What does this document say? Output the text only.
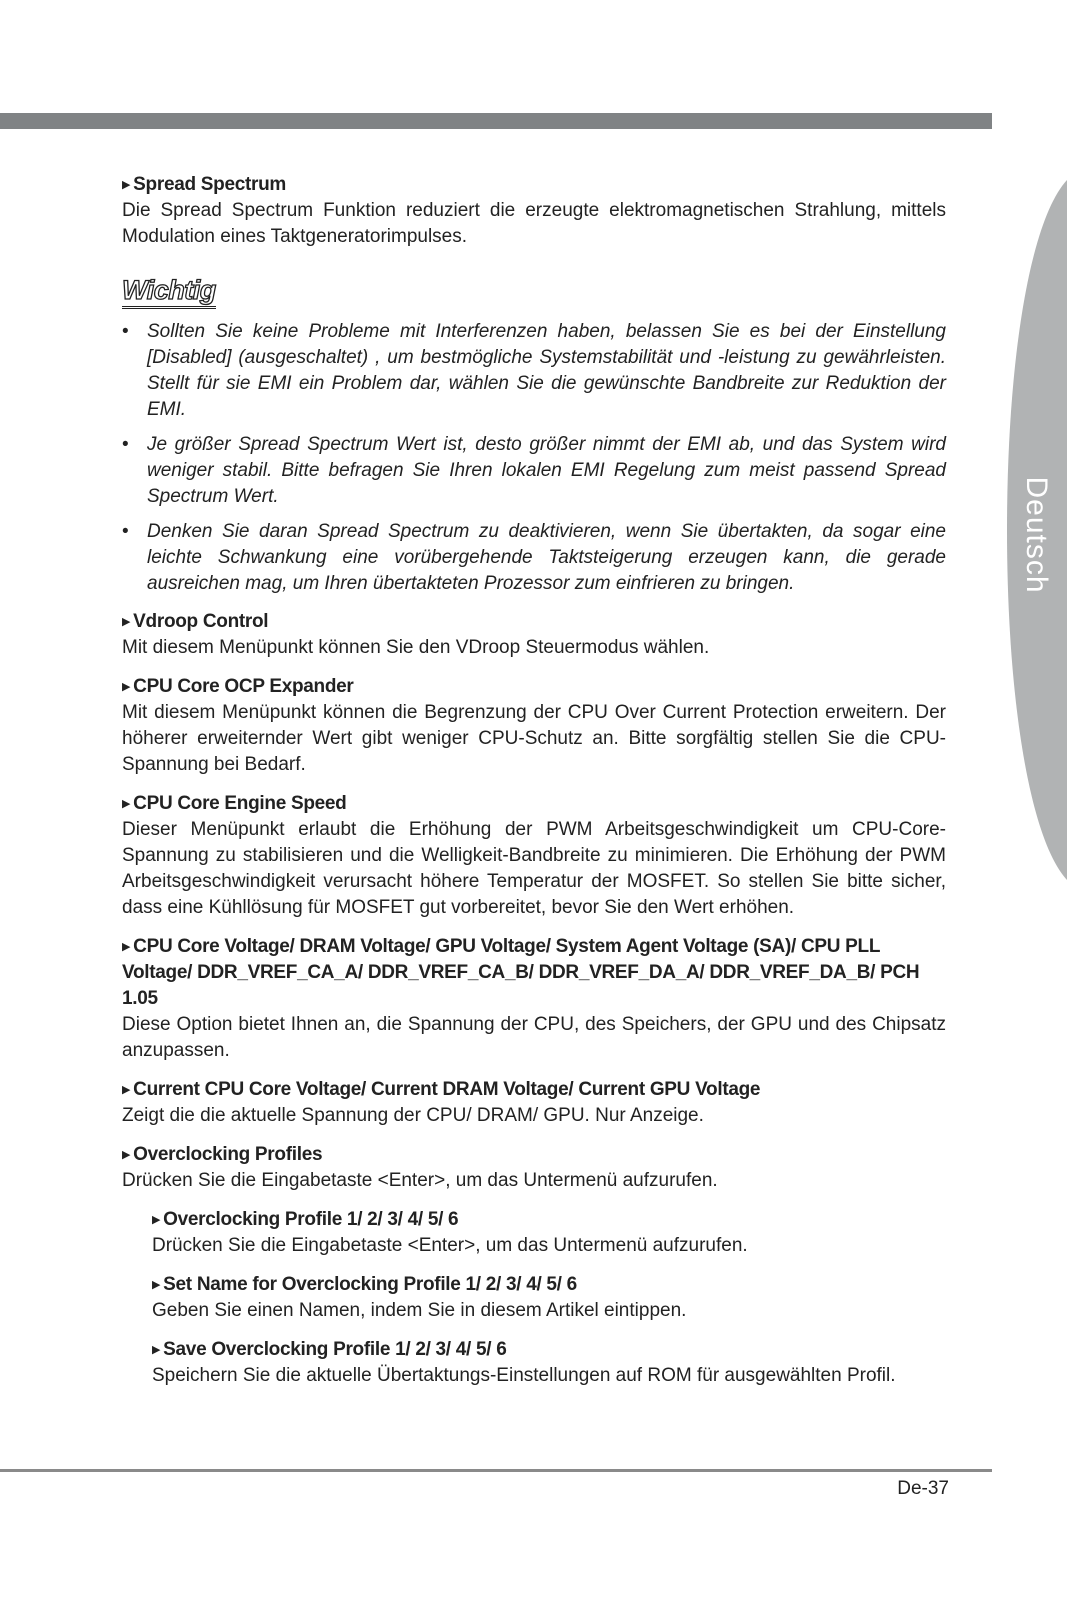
Deutsch
▶ Spread Spectrum
Die Spread Spectrum Funktion reduziert die erzeugte elektromagnetischen Strahlung, mittels Modulation eines Taktgeneratorimpulses.
Wichtig
• Sollten Sie keine Probleme mit Interferenzen haben, belassen Sie es bei der Einstellung [Disabled] (ausgeschaltet) , um bestmögliche Systemstabilität und -leistung zu gewährleisten. Stellt für sie EMI ein Problem dar, wählen Sie die gewünschte Bandbreite zur Reduktion der EMI.
• Je größer Spread Spectrum Wert ist, desto größer nimmt der EMI ab, und das System wird weniger stabil. Bitte befragen Sie Ihren lokalen EMI Regelung zum meist passend Spread Spectrum Wert.
• Denken Sie daran Spread Spectrum zu deaktivieren, wenn Sie übertakten, da sogar eine leichte Schwankung eine vorübergehende Taktsteigerung erzeugen kann, die gerade ausreichen mag, um Ihren übertakteten Prozessor zum einfrieren zu bringen.
▶ Vdroop Control
Mit diesem Menüpunkt können Sie den VDroop Steuermodus wählen.
▶ CPU Core OCP Expander
Mit diesem Menüpunkt können die Begrenzung der CPU Over Current Protection erweitern. Der höherer erweiternder Wert gibt weniger CPU-Schutz an. Bitte sorgfältig stellen Sie die CPU-Spannung bei Bedarf.
▶ CPU Core Engine Speed
Dieser Menüpunkt erlaubt die Erhöhung der PWM Arbeitsgeschwindigkeit um CPU-Core-Spannung zu stabilisieren und die Welligkeit-Bandbreite zu minimieren. Die Erhöhung der PWM Arbeitsgeschwindigkeit verursacht höhere Temperatur der MOSFET. So stellen Sie bitte sicher, dass eine Kühllösung für MOSFET gut vorbereitet, bevor Sie den Wert erhöhen.
▶ CPU Core Voltage/ DRAM Voltage/ GPU Voltage/ System Agent Voltage (SA)/ CPU PLL Voltage/ DDR_VREF_CA_A/ DDR_VREF_CA_B/ DDR_VREF_DA_A/ DDR_VREF_DA_B/ PCH 1.05
Diese Option bietet Ihnen an, die Spannung der CPU, des Speichers, der GPU und des Chipsatz anzupassen.
▶ Current CPU Core Voltage/ Current DRAM Voltage/ Current GPU Voltage
Zeigt die die aktuelle Spannung der CPU/ DRAM/ GPU. Nur Anzeige.
▶ Overclocking Profiles
Drücken Sie die Eingabetaste <Enter>, um das Untermenü aufzurufen.
▶ Overclocking Profile 1/ 2/ 3/ 4/ 5/ 6
Drücken Sie die Eingabetaste <Enter>, um das Untermenü aufzurufen.
▶ Set Name for Overclocking Profile 1/ 2/ 3/ 4/ 5/ 6
Geben Sie einen Namen, indem Sie in diesem Artikel eintippen.
▶ Save Overclocking Profile 1/ 2/ 3/ 4/ 5/ 6
Speichern Sie die aktuelle Übertaktungs-Einstellungen auf ROM für ausgewählten Profil.
De-37
